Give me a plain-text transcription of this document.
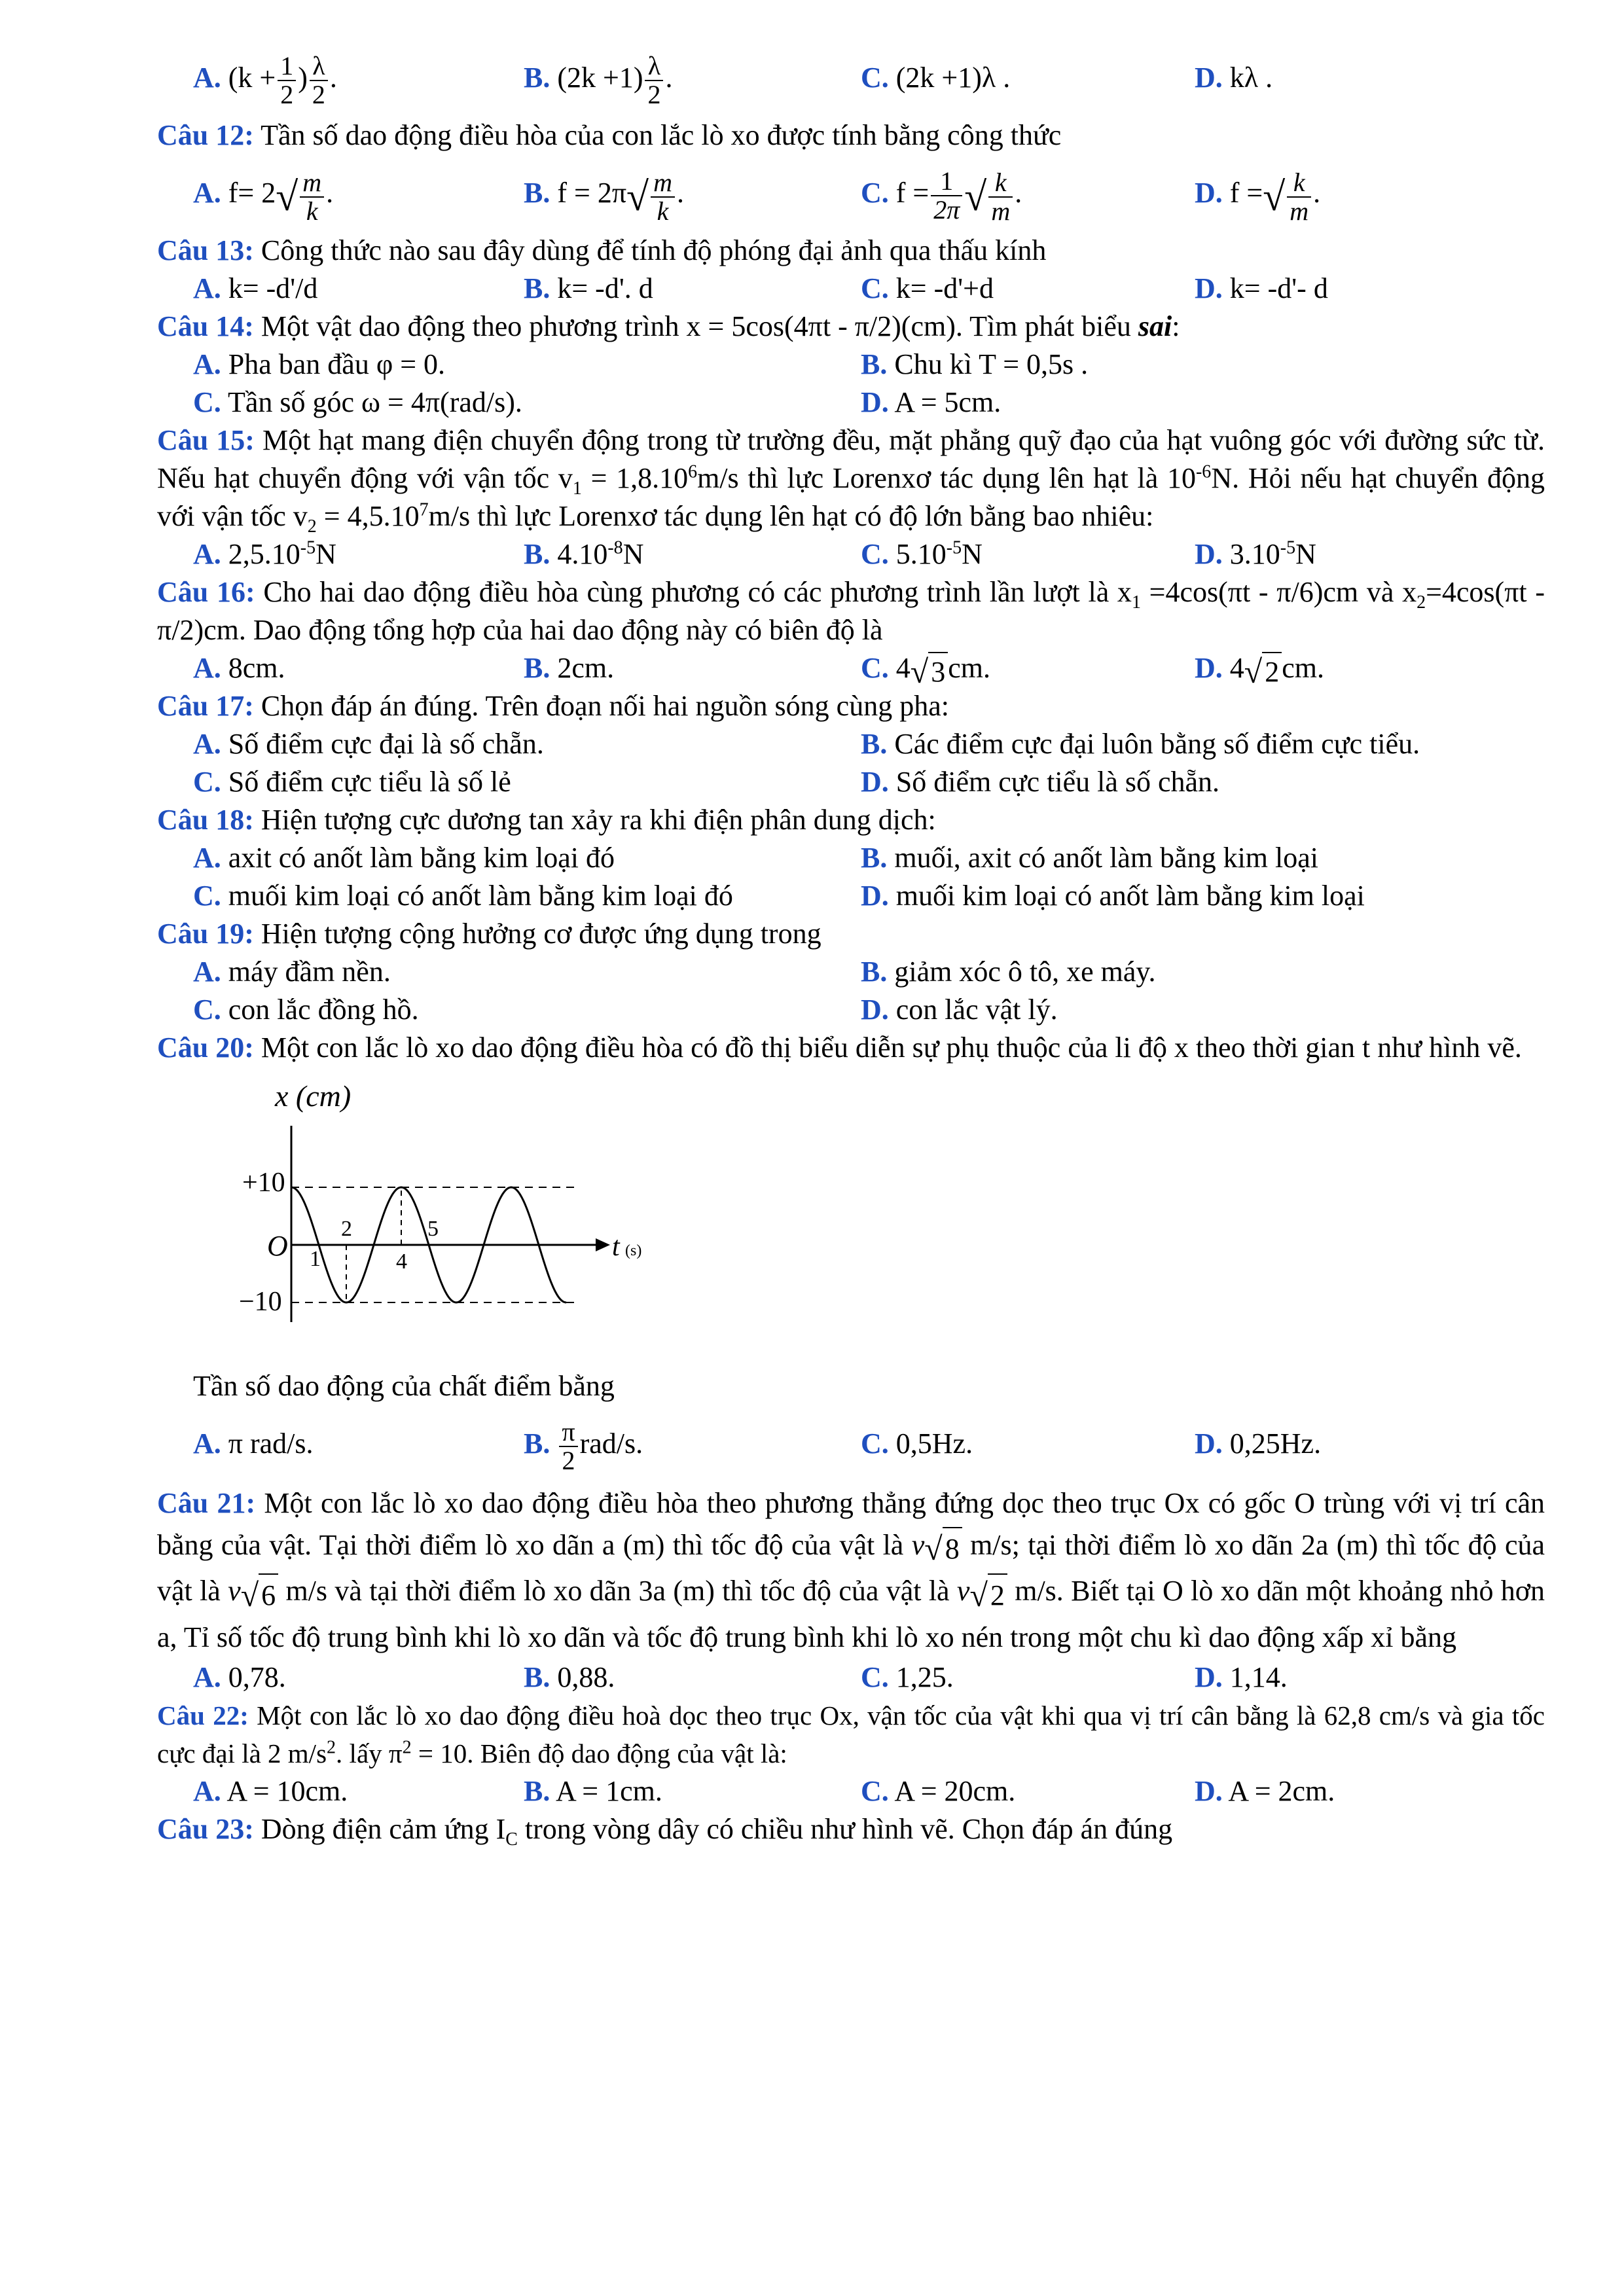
A. ($k + \frac{1}{2}$ ) $\frac{\lambda}{2}$ .	B. $(2k +1) \frac{\lambda}{2}$ .	C. (2k +1)λ .	D. kλ .
Câu 12: Tần số dao động điều hòa của con lắc lò xo được tính bằng công thức
A. $f= 2√ \frac{m}{k}$ .	B. $f = 2\pi√ \frac{m}{k}$ .	C. $f = \frac{1}{2\pi}$ √ $\frac{k}{m}$ .	D. f =√ $\frac{k}{m}$ .
Câu 13: Công thức nào sau đây dùng để tính độ phóng đại ảnh qua thấu kính
A. k= -d'/d	B. k= -d'. d	C. k= -d'+d	D. k= -d'- d
Câu 14: Một vật dao động theo phương trình x = 5cos(4πt - π/2)(cm). Tìm phát biểu sai:
A. Pha ban đầu φ = 0.	B. Chu kì T = 0,5s .
C. Tần số góc ω = 4π(rad/s).	D. A = 5cm.
Câu 15: Một hạt mang điện chuyển động trong từ trường đều, mặt phẳng quỹ đạo của hạt vuông góc với đường sức từ. Nếu hạt chuyển động với vận tốc $v_1 = 1,8.10^6m/s$ thì lực Lorenxơ tác dụng lên hạt là $10^{-6}N$. Hỏi nếu hạt chuyển động với vận tốc $v_2 = 4,5.10^7m/s$ thì lực Lorenxơ tác dụng lên hạt có độ lớn bằng bao nhiêu:
A. $2,5.10^{-5}N$	B. $4.10^{-8}N$	C. $5.10^{-5}N$	D. $3.10^{-5}N$
Câu 16: Cho hai dao động điều hòa cùng phương có các phương trình lần lượt là $x_1 =4\cos(\pi t - \pi/6)cm$ và $x_2=4\cos(\pi t - \pi/2)cm$. Dao động tổng hợp của hai dao động này có biên độ là
A. 8cm.	B. 2cm.	C. 4√3cm.	D. 4√2cm.
Câu 17: Chọn đáp án đúng. Trên đoạn nối hai nguồn sóng cùng pha:
A. Số điểm cực đại là số chẵn.	B. Các điểm cực đại luôn bằng số điểm cực tiểu.
C. Số điểm cực tiểu là số lẻ	D. Số điểm cực tiểu là số chẵn.
Câu 18: Hiện tượng cực dương tan xảy ra khi điện phân dung dịch:
A. axit có anốt làm bằng kim loại đó	B. muối, axit có anốt làm bằng kim loại
C. muối kim loại có anốt làm bằng kim loại đó	D. muối kim loại có anốt làm bằng kim loại
Câu 19: Hiện tượng cộng hưởng cơ được ứng dụng trong
A. máy đầm nền.	B. giảm xóc ô tô, xe máy.
C. con lắc đồng hồ.	D. con lắc vật lý.
Câu 20: Một con lắc lò xo dao động điều hòa có đồ thị biểu diễn sự phụ thuộc của li độ x theo thời gian t như hình vẽ.
x (cm)
+10
O
−10
t (s)
1
2
4
5
Tần số dao động của chất điểm bằng
A. π rad/s.	B. $\frac{\pi}{2} rad/s$.	C. 0,5Hz.	D. 0,25Hz.
Câu 21: Một con lắc lò xo dao động điều hòa theo phương thẳng đứng dọc theo trục Ox có gốc O trùng với vị trí cân bằng của vật. Tại thời điểm lò xo dãn a (m) thì tốc độ của vật là v√8 m/s; tại thời điểm lò xo dãn 2a (m) thì tốc độ của vật là v√6 m/s và tại thời điểm lò xo dãn 3a (m) thì tốc độ của vật là v√2 m/s. Biết tại O lò xo dãn một khoảng nhỏ hơn a, Tỉ số tốc độ trung bình khi lò xo dãn và tốc độ trung bình khi lò xo nén trong một chu kì dao động xấp xỉ bằng
A. 0,78.	B. 0,88.	C. 1,25.	D. 1,14.
Câu 22: Một con lắc lò xo dao động điều hoà dọc theo trục Ox, vận tốc của vật khi qua vị trí cân bằng là 62,8 cm/s và gia tốc cực đại là 2 $m/s^2$. lấy $\pi^2 = 10$. Biên độ dao động của vật là:
A. A = 10cm.	B. A = 1cm.	C. A = 20cm.	D. A = 2cm.
Câu 23: Dòng điện cảm ứng $I_C$ trong vòng dây có chiều như hình vẽ. Chọn đáp án đúng
